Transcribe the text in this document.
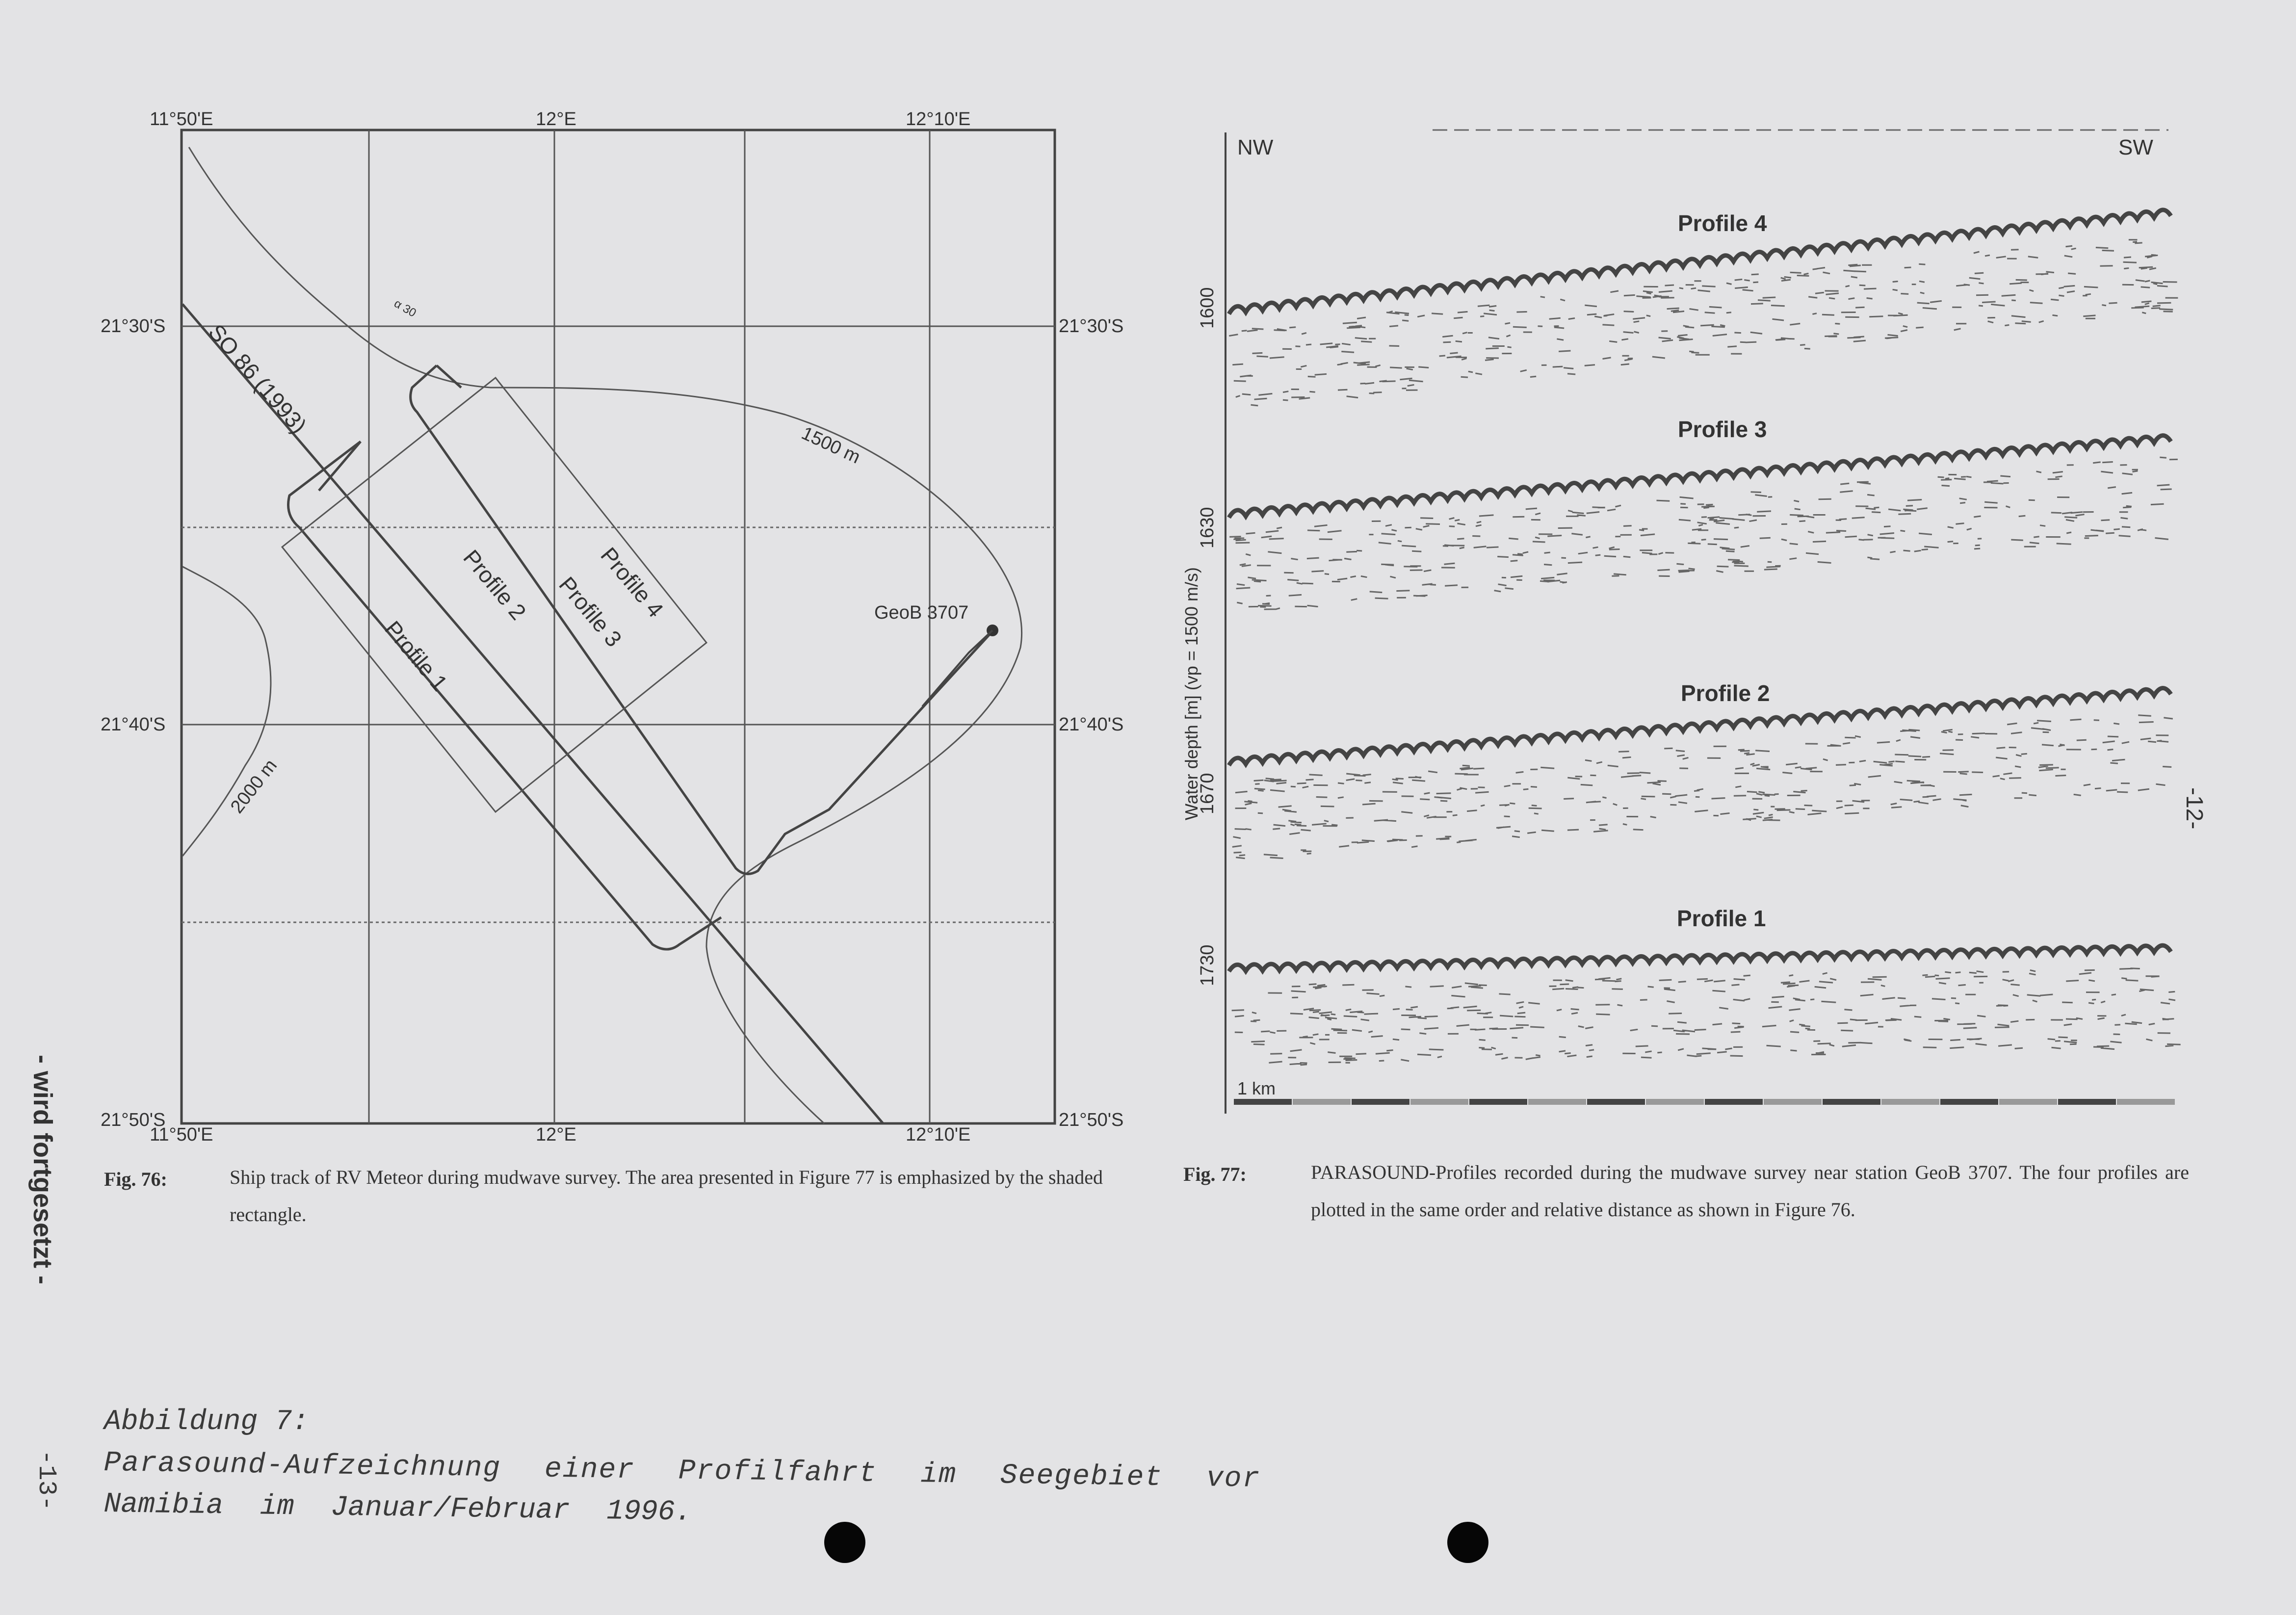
11°50'E	12°E	12°10'E
11°50'E	12°E	12°10'E
21°30'S
21°40'S
21°50'S
21°30'S
21°40'S
21°50'S
SO 86 (1993)
1500 m
2000 m
α 30
GeoB 3707
Profile 1
Profile 2 Profile 3
Profile 4
Fig. 76:	Ship track of RV Meteor during mudwave survey. The area presented in Figure 77 is emphasized by the shaded rectangle.
NW	SW
Profile 4
Profile 3
Profile 2
Profile 1
1600
1630
1670
1730
Water depth [m] (vp = 1500 m/s)
1 km
Fig. 77:	PARASOUND-Profiles recorded during the mudwave survey near station GeoB 3707. The four profiles are plotted in the same order and relative distance as shown in Figure 76.
- wird fortgesetzt -
-13-
-12-
Abbildung 7:
Parasound-Aufzeichnung einer Profilfahrt im Seegebiet vor
Namibia im Januar/Februar 1996.
